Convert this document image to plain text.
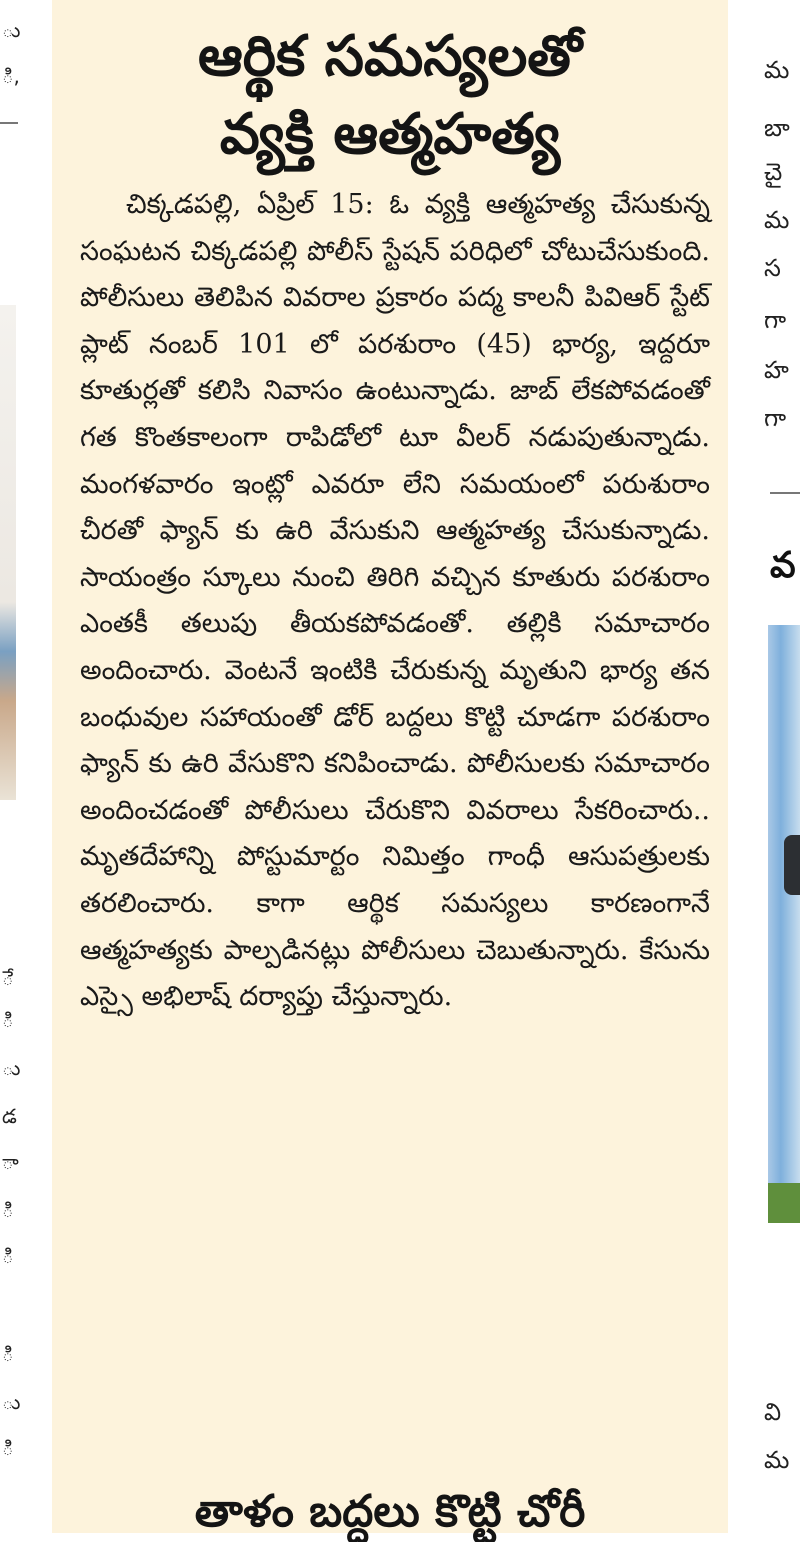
ు
ి,
ే
ి
ు
డ
ా
ి
ి
ి
ు
ి
ఆర్థిక సమస్యలతో
వ్యక్తి ఆత్మహత్య

చిక్కడపల్లి, ఏప్రిల్ 15: ఓ వ్యక్తి ఆత్మహత్య చేసుకున్న సంఘటన చిక్కడపల్లి పోలీస్ స్టేషన్ పరిధిలో చోటుచేసుకుంది. పోలీసులు తెలిపిన వివరాల ప్రకారం పద్మ కాలనీ పివిఆర్ స్టేట్ ప్లాట్ నంబర్ 101 లో పరశురాం (45) భార్య, ఇద్దరూ కూతుర్లతో కలిసి నివాసం ఉంటున్నాడు. జాబ్ లేకపోవడంతో గత కొంతకాలంగా రాపిడోలో టూ వీలర్ నడుపుతున్నాడు. మంగళవారం ఇంట్లో ఎవరూ లేని సమయంలో పరుశురాం చీరతో ఫ్యాన్ కు ఉరి వేసుకుని ఆత్మహత్య చేసుకున్నాడు. సాయంత్రం స్కూలు నుంచి తిరిగి వచ్చిన కూతురు పరశురాం ఎంతకీ తలుపు తీయకపోవడంతో. తల్లికి సమాచారం అందించారు. వెంటనే ఇంటికి చేరుకున్న మృతుని భార్య తన బంధువుల సహాయంతో డోర్ బద్దలు కొట్టి చూడగా పరశురాం ఫ్యాన్ కు ఉరి వేసుకొని కనిపించాడు. పోలీసులకు సమాచారం అందించడంతో పోలీసులు చేరుకొని వివరాలు సేకరించారు.. మృతదేహాన్ని పోస్టుమార్టం నిమిత్తం గాంధీ ఆసుపత్రులకు తరలించారు. కాగా ఆర్థిక సమస్యలు కారణంగానే ఆత్మహత్యకు పాల్పడినట్లు పోలీసులు చెబుతున్నారు. కేసును ఎస్సై అభిలాష్ దర్యాప్తు చేస్తున్నారు.

తాళం బద్దలు కొట్టి చోరీ
మ
బా
చై
మ
స
గా
హ
గా
వ
వి
మ
